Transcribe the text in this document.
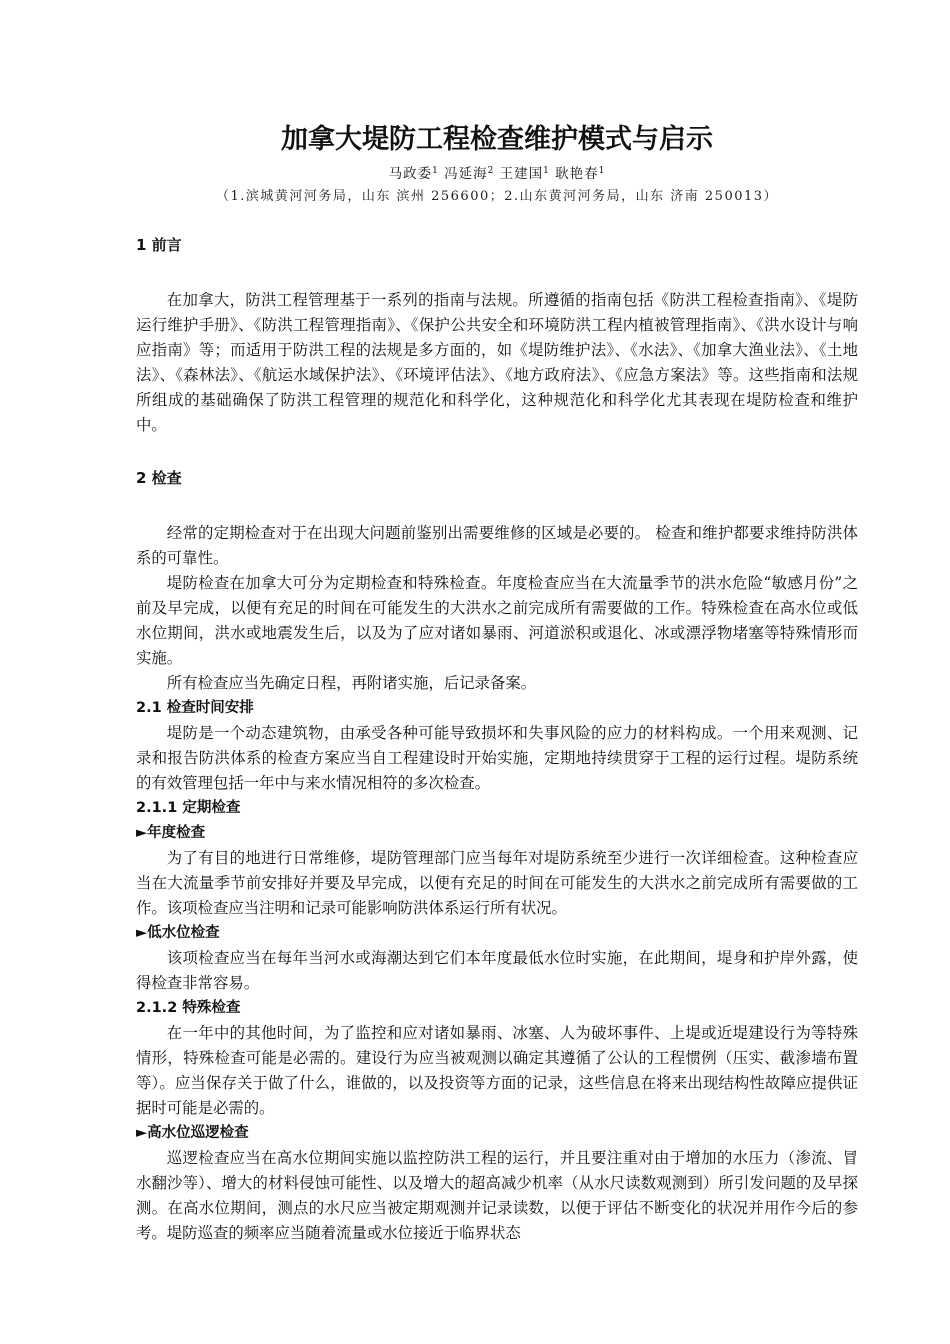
加拿大堤防工程检查维护模式与启示
马政委$^1$ 冯延海$^2$ 王建国$^1$ 耿艳春$^1$
（1.滨城黄河河务局，山东 滨州 256600；2.山东黄河河务局，山东 济南 250013）
1 前言

在加拿大，防洪工程管理基于一系列的指南与法规。所遵循的指南包括《防洪工程检查指南》、《堤防运行维护手册》、《防洪工程管理指南》、《保护公共安全和环境防洪工程内植被管理指南》、《洪水设计与响应指南》等；而适用于防洪工程的法规是多方面的，如《堤防维护法》、《水法》、《加拿大渔业法》、《土地法》、《森林法》、《航运水域保护法》、《环境评估法》、《地方政府法》、《应急方案法》等。这些指南和法规所组成的基础确保了防洪工程管理的规范化和科学化，这种规范化和科学化尤其表现在堤防检查和维护中。

2 检查

经常的定期检查对于在出现大问题前鉴别出需要维修的区域是必要的。 检查和维护都要求维持防洪体系的可靠性。

堤防检查在加拿大可分为定期检查和特殊检查。年度检查应当在大流量季节的洪水危险“敏感月份”之前及早完成，以便有充足的时间在可能发生的大洪水之前完成所有需要做的工作。特殊检查在高水位或低水位期间，洪水或地震发生后，以及为了应对诸如暴雨、河道淤积或退化、冰或漂浮物堵塞等特殊情形而实施。

所有检查应当先确定日程，再附诸实施，后记录备案。

2.1 检查时间安排

堤防是一个动态建筑物，由承受各种可能导致损坏和失事风险的应力的材料构成。一个用来观测、记录和报告防洪体系的检查方案应当自工程建设时开始实施，定期地持续贯穿于工程的运行过程。堤防系统的有效管理包括一年中与来水情况相符的多次检查。

2.1.1 定期检查
►年度检查

为了有目的地进行日常维修，堤防管理部门应当每年对堤防系统至少进行一次详细检查。这种检查应当在大流量季节前安排好并要及早完成，以便有充足的时间在可能发生的大洪水之前完成所有需要做的工作。该项检查应当注明和记录可能影响防洪体系运行所有状况。

►低水位检查

该项检查应当在每年当河水或海潮达到它们本年度最低水位时实施，在此期间，堤身和护岸外露，使得检查非常容易。

2.1.2 特殊检查

在一年中的其他时间，为了监控和应对诸如暴雨、冰塞、人为破坏事件、上堤或近堤建设行为等特殊情形，特殊检查可能是必需的。建设行为应当被观测以确定其遵循了公认的工程惯例（压实、截渗墙布置等）。应当保存关于做了什么，谁做的，以及投资等方面的记录，这些信息在将来出现结构性故障应提供证据时可能是必需的。

►高水位巡逻检查

巡逻检查应当在高水位期间实施以监控防洪工程的运行，并且要注重对由于增加的水压力（渗流、冒水翻沙等）、增大的材料侵蚀可能性、以及增大的超高减少机率（从水尺读数观测到）所引发问题的及早探测。在高水位期间，测点的水尺应当被定期观测并记录读数，以便于评估不断变化的状况并用作今后的参考。堤防巡查的频率应当随着流量或水位接近于临界状态
